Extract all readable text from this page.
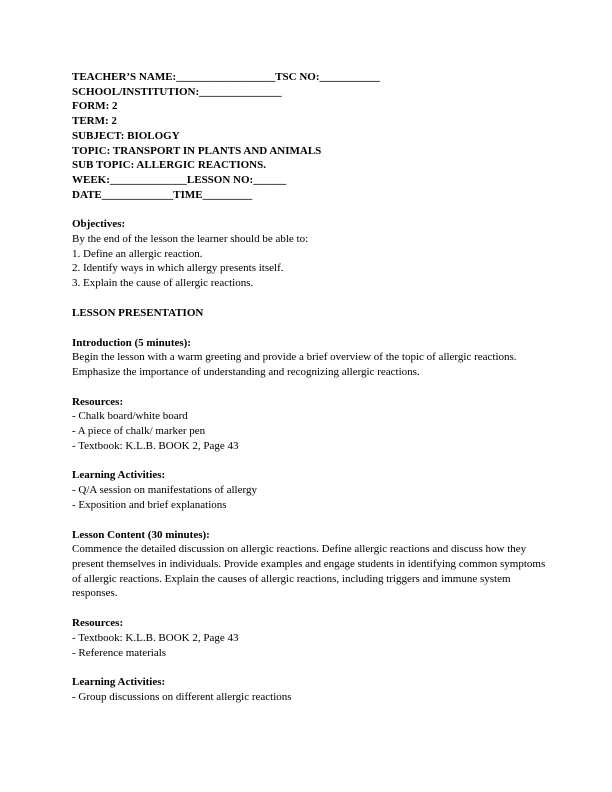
TEACHER’S NAME:__________________TSC NO:___________

SCHOOL/INSTITUTION:_______________

FORM: 2

TERM: 2

SUBJECT: BIOLOGY

TOPIC: TRANSPORT IN PLANTS AND ANIMALS

SUB TOPIC: ALLERGIC REACTIONS.

WEEK:______________LESSON NO:______

DATE_____________TIME_________

Objectives:

By the end of the lesson the learner should be able to:

1. Define an allergic reaction.

2. Identify ways in which allergy presents itself.

3. Explain the cause of allergic reactions.

LESSON PRESENTATION

Introduction (5 minutes):

Begin the lesson with a warm greeting and provide a brief overview of the topic of allergic reactions. Emphasize the importance of understanding and recognizing allergic reactions.

Resources:

- Chalk board/white board

- A piece of chalk/ marker pen

- Textbook: K.L.B. BOOK 2, Page 43

Learning Activities:

- Q/A session on manifestations of allergy

- Exposition and brief explanations

Lesson Content (30 minutes):

Commence the detailed discussion on allergic reactions. Define allergic reactions and discuss how they present themselves in individuals. Provide examples and engage students in identifying common symptoms of allergic reactions. Explain the causes of allergic reactions, including triggers and immune system responses.

Resources:

- Textbook: K.L.B. BOOK 2, Page 43

- Reference materials

Learning Activities:

- Group discussions on different allergic reactions
